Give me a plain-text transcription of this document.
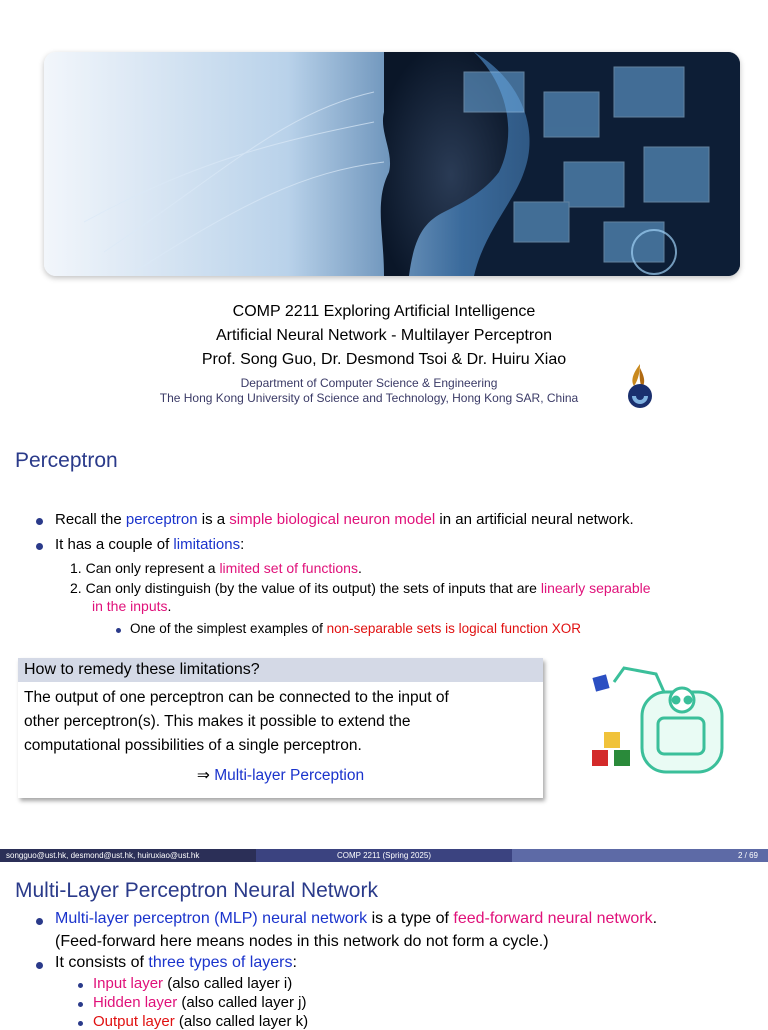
COMP 2211 Exploring Artificial Intelligence
Artificial Neural Network - Multilayer Perceptron
Prof. Song Guo, Dr. Desmond Tsoi & Dr. Huiru Xiao
Department of Computer Science & Engineering
The Hong Kong University of Science and Technology, Hong Kong SAR, China
Perceptron
Recall the perceptron is a simple biological neuron model in an artificial neural network.
It has a couple of limitations:
1. Can only represent a limited set of functions.
2. Can only distinguish (by the value of its output) the sets of inputs that are linearly separable
in the inputs.
One of the simplest examples of non-separable sets is logical function XOR
How to remedy these limitations?
The output of one perceptron can be connected to the input of
other perceptron(s). This makes it possible to extend the
computational possibilities of a single perceptron.
⇒ Multi-layer Perception
songguo@ust.hk, desmond@ust.hk, huiruxiao@ust.hk	COMP 2211 (Spring 2025)	2 / 69
Multi-Layer Perceptron Neural Network
Multi-layer perceptron (MLP) neural network is a type of feed-forward neural network.
(Feed-forward here means nodes in this network do not form a cycle.)
It consists of three types of layers:
Input layer (also called layer i)
Hidden layer (also called layer j)
Output layer (also called layer k)
